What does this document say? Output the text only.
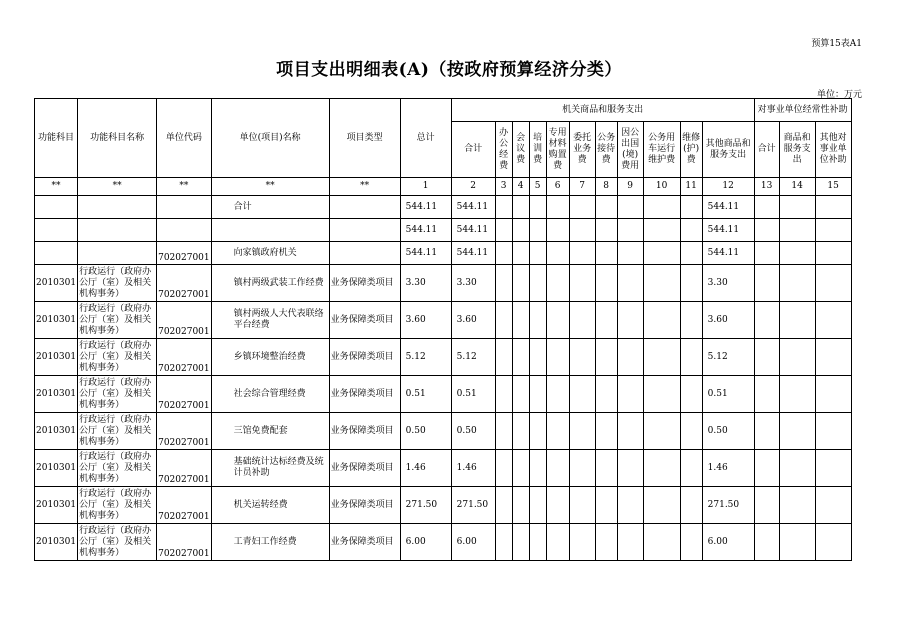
预算15表A1
项目支出明细表(A)（按政府预算经济分类）
单位：万元
功能科目	功能科目名称	单位代码	单位(项目)名称	项目类型	总计	机关商品和服务支出											对事业单位经常性补助		
						合计	办公经费	会议费	培训费	专用材料购置费	委托业务费	公务接待费	因公出国(境)费用	公务用车运行维护费	维修(护)费	其他商品和服务支出	合计	商品和服务支出	其他对事业单位补助

**	**	**	**	**	1	2	3	4	5	6	7	8	9	10	11	12	13	14	15
			合计		544.11	544.11										544.11			
					544.11	544.11										544.11			
		702027001	向家镇政府机关		544.11	544.11										544.11			
2010301	行政运行（政府办公厅（室）及相关机构事务）	702027001	镇村两级武装工作经费	业务保障类项目	3.30	3.30										3.30			
2010301	行政运行（政府办公厅（室）及相关机构事务）	702027001	镇村两级人大代表联络平台经费	业务保障类项目	3.60	3.60										3.60			
2010301	行政运行（政府办公厅（室）及相关机构事务）	702027001	乡镇环境整治经费	业务保障类项目	5.12	5.12										5.12			
2010301	行政运行（政府办公厅（室）及相关机构事务）	702027001	社会综合管理经费	业务保障类项目	0.51	0.51										0.51			
2010301	行政运行（政府办公厅（室）及相关机构事务）	702027001	三馆免费配套	业务保障类项目	0.50	0.50										0.50			
2010301	行政运行（政府办公厅（室）及相关机构事务）	702027001	基础统计达标经费及统计员补助	业务保障类项目	1.46	1.46										1.46			
2010301	行政运行（政府办公厅（室）及相关机构事务）	702027001	机关运转经费	业务保障类项目	271.50	271.50										271.50			
2010301	行政运行（政府办公厅（室）及相关机构事务）	702027001	工青妇工作经费	业务保障类项目	6.00	6.00										6.00			
